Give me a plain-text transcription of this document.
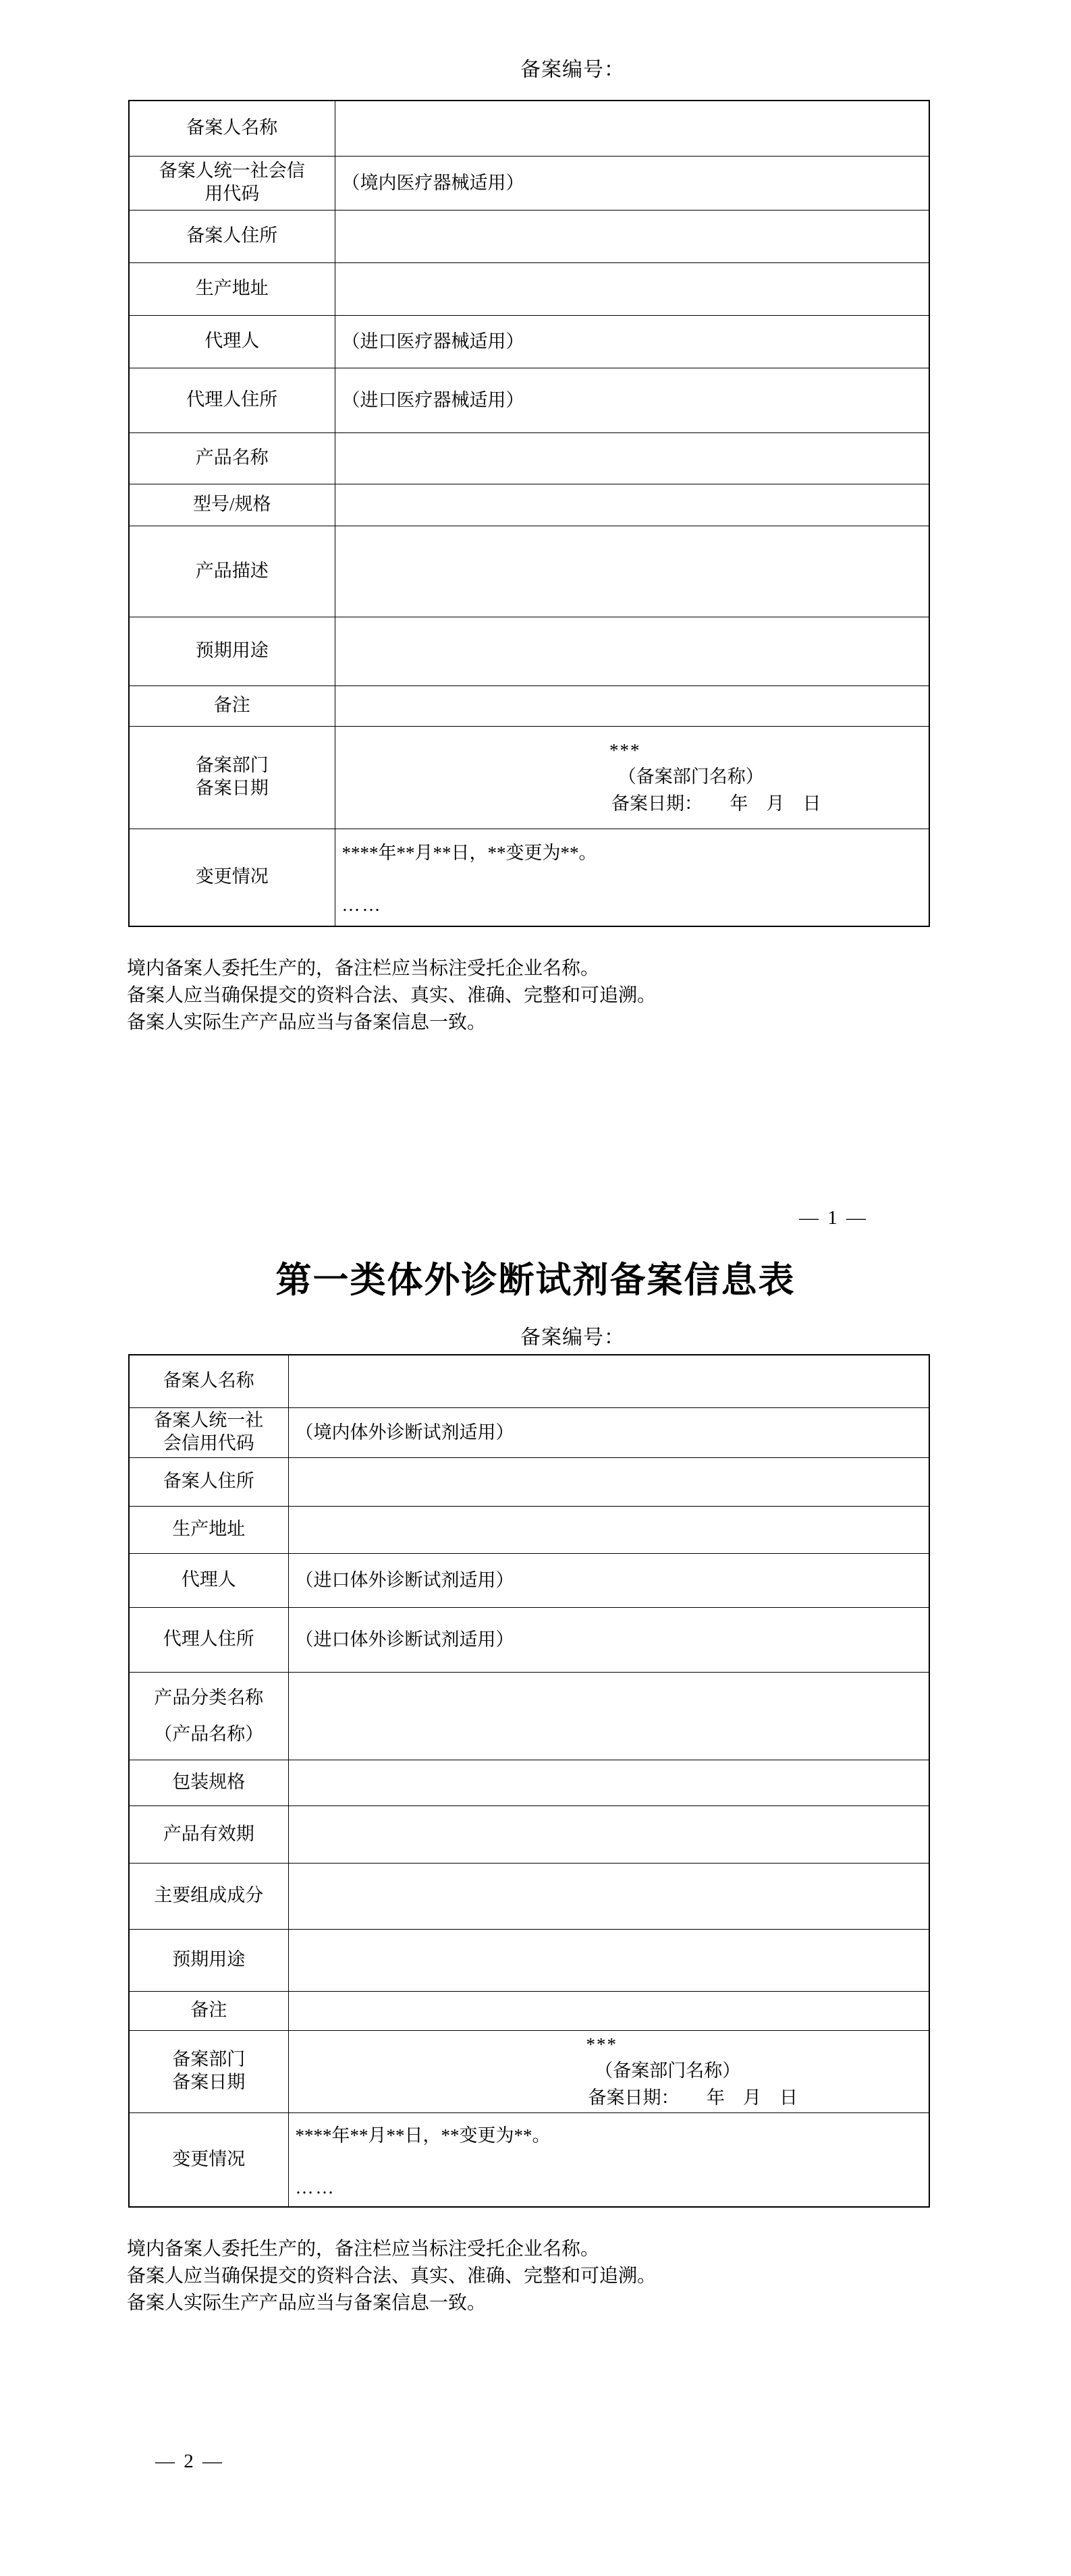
备案编号：
备案人名称	
备案人统一社会信
用代码	（境内医疗器械适用）
备案人住所	
生产地址	
代理人	（进口医疗器械适用）
代理人住所	（进口医疗器械适用）
产品名称	
型号/规格	
产品描述	
预期用途	
备注	
备案部门
备案日期	***
（备案部门名称）
备案日期：　　年　月　日

变更情况	****年**月**日，**变更为**。
……
境内备案人委托生产的，备注栏应当标注受托企业名称。
备案人应当确保提交的资料合法、真实、准确、完整和可追溯。
备案人实际生产产品应当与备案信息一致。
— 1 —
第一类体外诊断试剂备案信息表
备案编号：
备案人名称	
备案人统一社
会信用代码	（境内体外诊断试剂适用）
备案人住所	
生产地址	
代理人	（进口体外诊断试剂适用）
代理人住所	（进口体外诊断试剂适用）
产品分类名称
（产品名称）	
包装规格	
产品有效期	
主要组成成分	
预期用途	
备注	
备案部门
备案日期	***
（备案部门名称）
备案日期：　　年　月　日

变更情况	****年**月**日，**变更为**。
……
境内备案人委托生产的，备注栏应当标注受托企业名称。
备案人应当确保提交的资料合法、真实、准确、完整和可追溯。
备案人实际生产产品应当与备案信息一致。
— 2 —
